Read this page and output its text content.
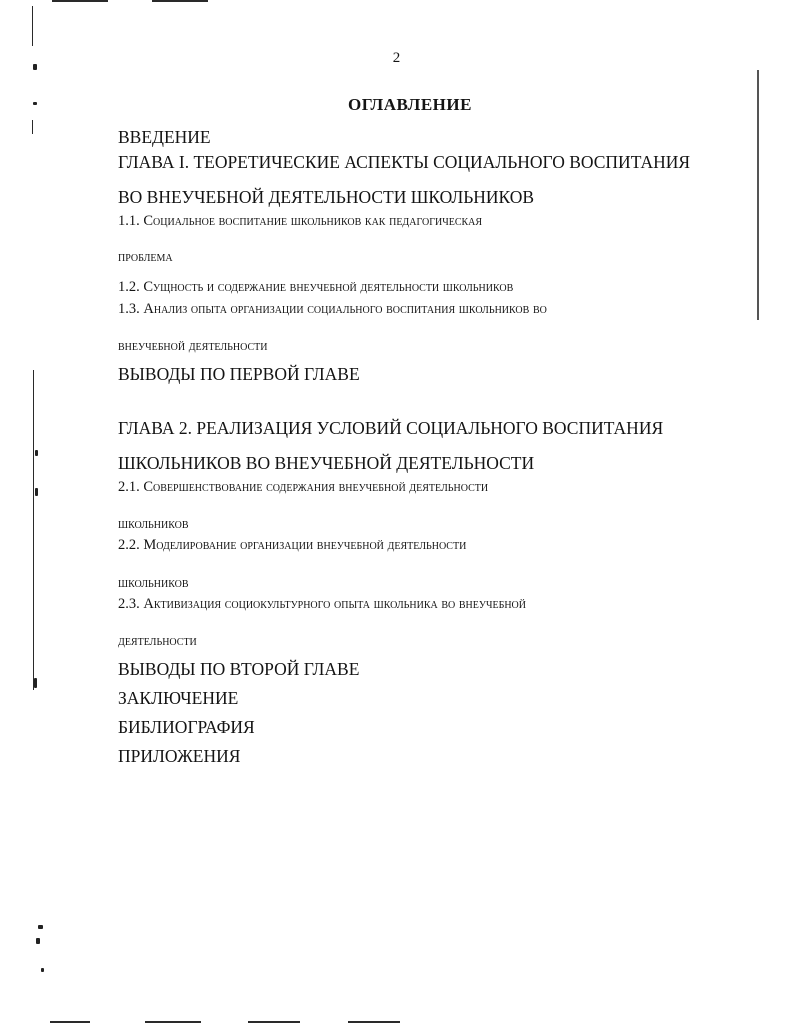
2
ОГЛАВЛЕНИЕ
ВВЕДЕНИЕ
ГЛАВА I. ТЕОРЕТИЧЕСКИЕ АСПЕКТЫ СОЦИАЛЬНОГО ВОСПИТАНИЯ
ВО ВНЕУЧЕБНОЙ ДЕЯТЕЛЬНОСТИ ШКОЛЬНИКОВ
1.1. Социальное воспитание школьников как педагогическая
проблема
1.2. Сущность и содержание внеучебной деятельности школьников
1.3. Анализ опыта организации социального воспитания школьников во
внеучебной деятельности
ВЫВОДЫ ПО ПЕРВОЙ ГЛАВЕ
ГЛАВА 2. РЕАЛИЗАЦИЯ УСЛОВИЙ СОЦИАЛЬНОГО ВОСПИТАНИЯ
ШКОЛЬНИКОВ ВО ВНЕУЧЕБНОЙ ДЕЯТЕЛЬНОСТИ
2.1. Совершенствование содержания внеучебной деятельности
школьников
2.2. Моделирование организации внеучебной деятельности
школьников
2.3. Активизация социокультурного опыта школьника во внеучебной
деятельности
ВЫВОДЫ ПО ВТОРОЙ ГЛАВЕ
ЗАКЛЮЧЕНИЕ
БИБЛИОГРАФИЯ
ПРИЛОЖЕНИЯ
